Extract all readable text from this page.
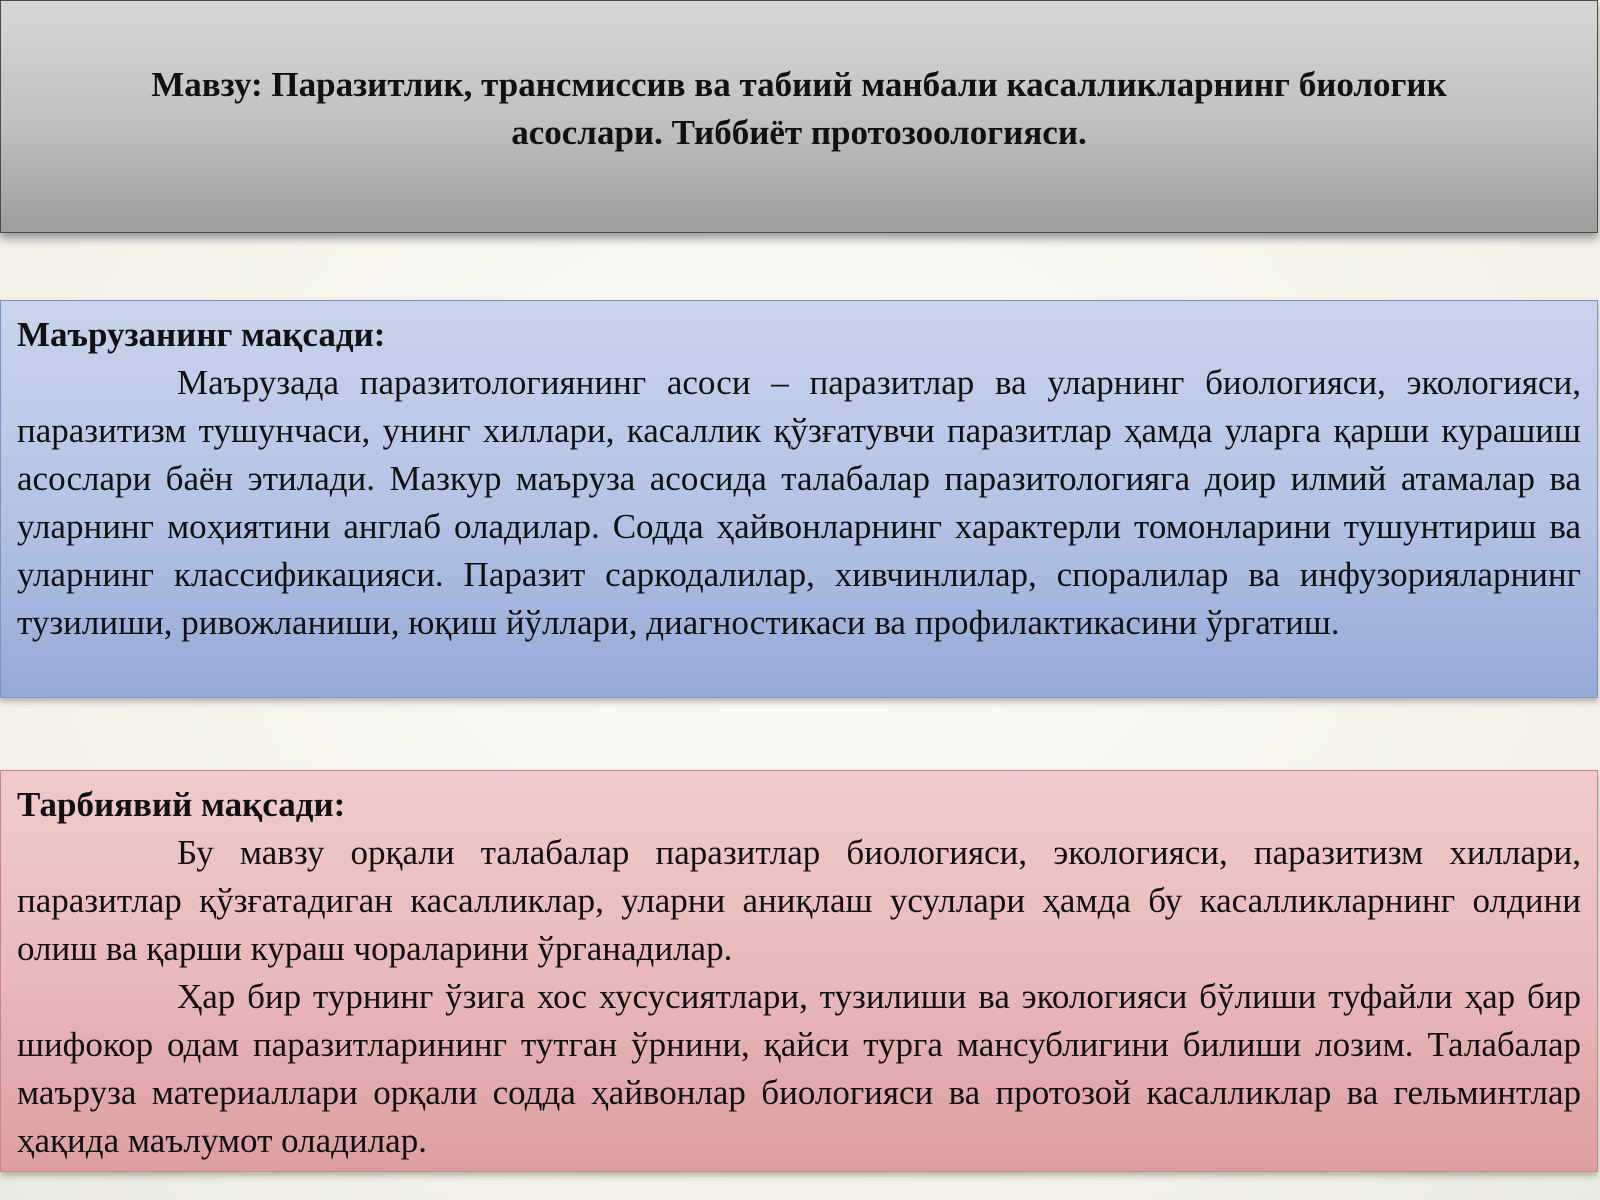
Мавзу: Паразитлик, трансмиссив ва табиий манбали касалликларнинг биологик
асослари. Тиббиёт протозоологияси.

Маърузанинг мақсади:

Маърузада паразитологиянинг асоси – паразитлар ва уларнинг биологияси, экологияси, паразитизм тушунчаси, унинг хиллари, касаллик қўзғатувчи паразитлар ҳамда уларга қарши курашиш асослари баён этилади. Мазкур маъруза асосида талабалар паразитологияга доир илмий атамалар ва уларнинг моҳиятини англаб оладилар. Содда ҳайвонларнинг характерли томонларини тушунтириш ва уларнинг классификацияси. Паразит саркодалилар, хивчинлилар, споралилар ва инфузорияларнинг тузилиши, ривожланиши, юқиш йўллари, диагностикаси ва профилактикасини ўргатиш.

Тарбиявий мақсади:

Бу мавзу орқали талабалар паразитлар биологияси, экологияси, паразитизм хиллари, паразитлар қўзғатадиган касалликлар, уларни аниқлаш усуллари ҳамда бу касалликларнинг олдини олиш ва қарши кураш чораларини ўрганадилар.

Ҳар бир турнинг ўзига хос хусусиятлари, тузилиши ва экологияси бўлиши туфайли ҳар бир шифокор одам паразитларининг тутган ўрнини, қайси турга мансублигини билиши лозим. Талабалар маъруза материаллари орқали содда ҳайвонлар биологияси ва протозой касалликлар ва гельминтлар ҳақида маълумот оладилар.
